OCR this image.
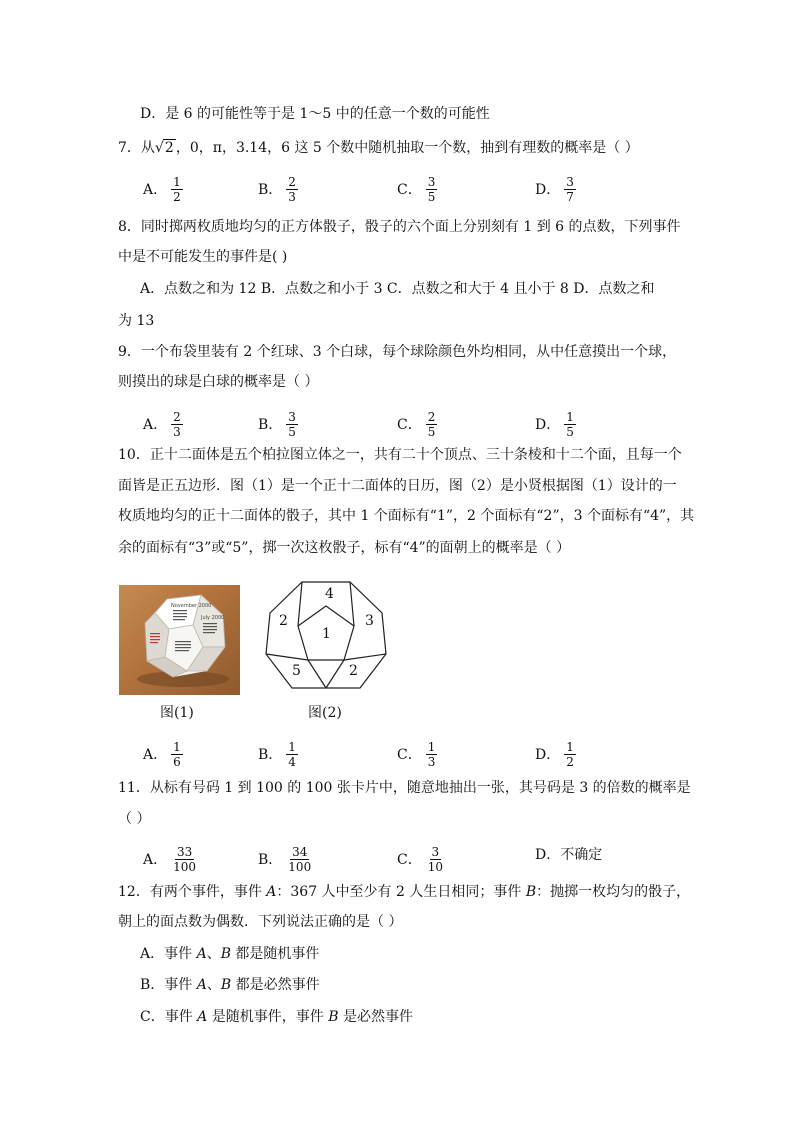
D．是 6 的可能性等于是 1～5 中的任意一个数的可能性
7．从 √ 2 ，0，π，3.14，6 这 5 个数中随机抽取一个数，抽到有理数的概率是（ ）
A． $\frac{1}{2}$	B． $\frac{2}{3}$	C． $\frac{3}{5}$	D． $\frac{3}{7}$
8．同时掷两枚质地均匀的正方体骰子，骰子的六个面上分别刻有 1 到 6 的点数，下列事件
中是不可能发生的事件是( )
A．点数之和为 12 B．点数之和小于 3 C．点数之和大于 4 且小于 8 D．点数之和
为 13
9．一个布袋里装有 2 个红球、3 个白球，每个球除颜色外均相同，从中任意摸出一个球，
则摸出的球是白球的概率是（ ）
A． $\frac{2}{3}$	B． $\frac{3}{5}$	C． $\frac{2}{5}$	D． $\frac{1}{5}$
10．正十二面体是五个柏拉图立体之一，共有二十个顶点、三十条棱和十二个面，且每一个
面皆是正五边形．图（1）是一个正十二面体的日历，图（2）是小贤根据图（1）设计的一
枚质地均匀的正十二面体的骰子，其中 1 个面标有“1”，2 个面标有“2”，3 个面标有“4”，其
余的面标有“3”或“5”，掷一次这枚骰子，标有“4”的面朝上的概率是（ ）
November 2000
July 2000
4
2	3
1
5	2
图(1)	图(2)
A． $\frac{1}{6}$	B． $\frac{1}{4}$	C． $\frac{1}{3}$	D． $\frac{1}{2}$
11．从标有号码 1 到 100 的 100 张卡片中，随意地抽出一张，其号码是 3 的倍数的概率是
（ ）
A． $\frac{33}{100}$	B． $\frac{34}{100}$	C． $\frac{3}{10}$	D．不确定
12．有两个事件，事件 A：367 人中至少有 2 人生日相同；事件 B：抛掷一枚均匀的骰子，
朝上的面点数为偶数．下列说法正确的是（ ）
A．事件 A、B 都是随机事件
B．事件 A、B 都是必然事件
C．事件 A 是随机事件，事件 B 是必然事件
